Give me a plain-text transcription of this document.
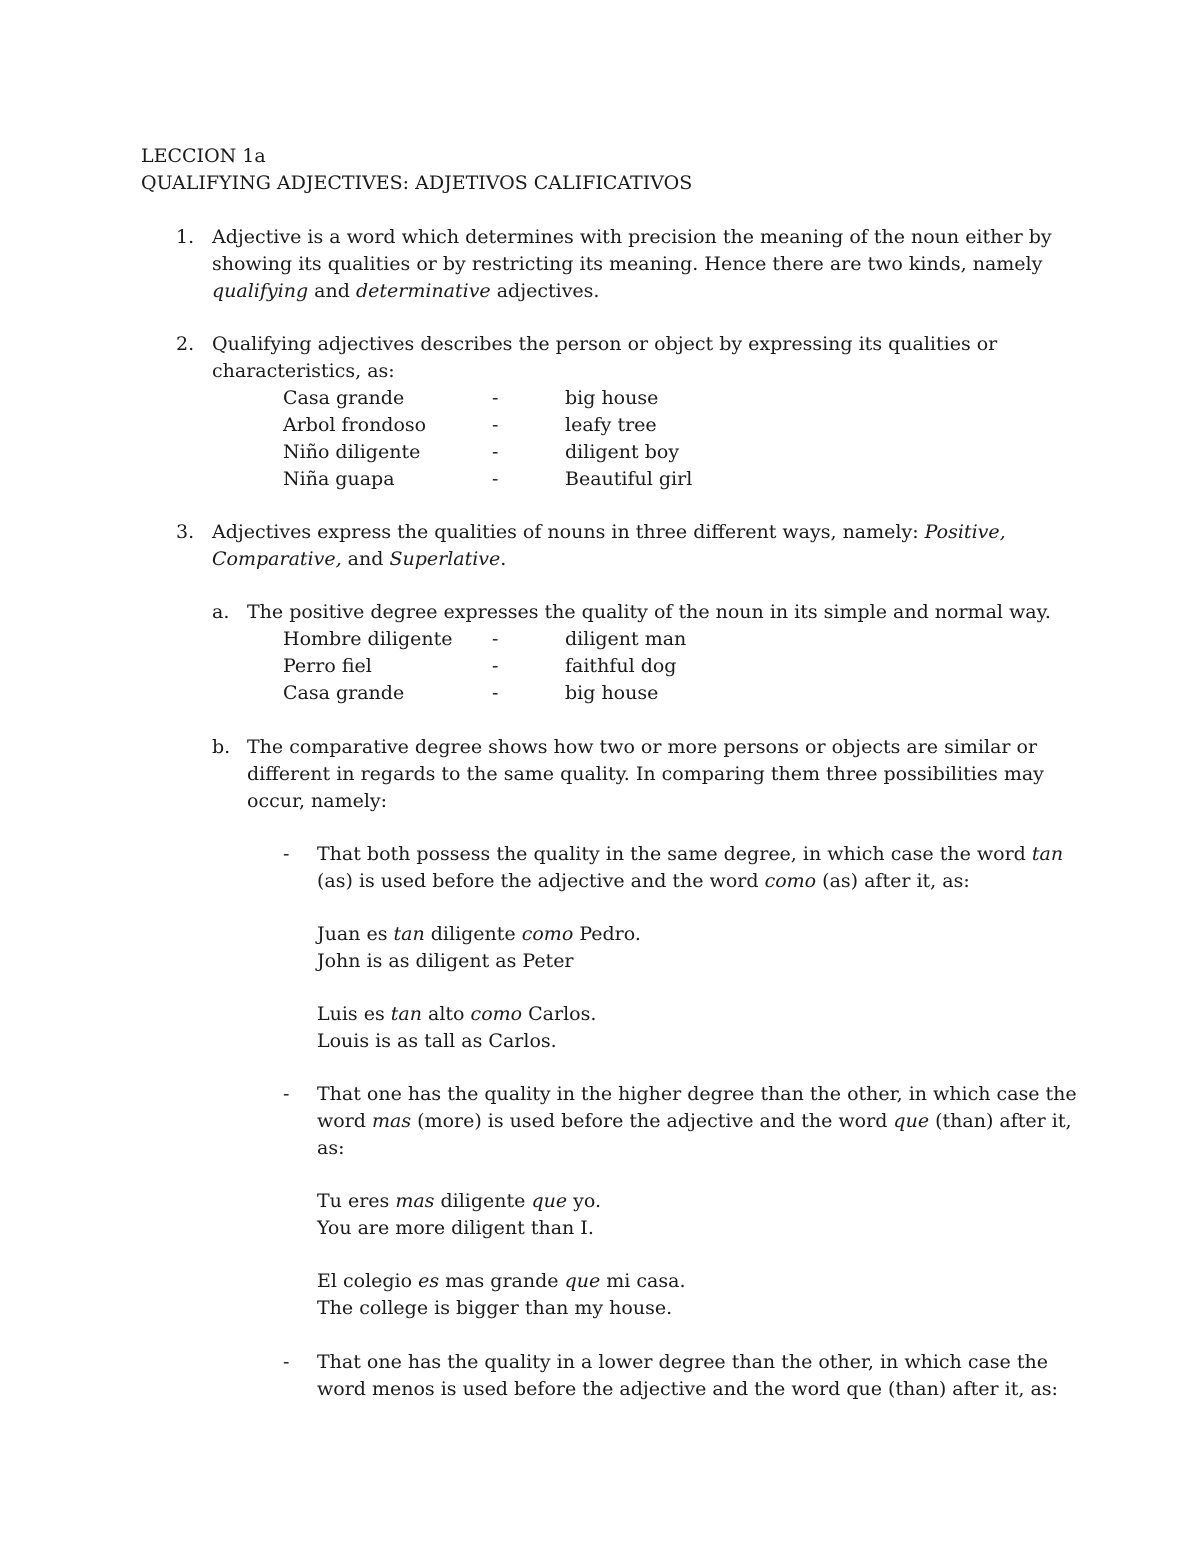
LECCION 1a
QUALIFYING ADJECTIVES: ADJETIVOS CALIFICATIVOS
1. Adjective is a word which determines with precision the meaning of the noun either by
showing its qualities or by restricting its meaning. Hence there are two kinds, namely
qualifying and determinative adjectives.
2. Qualifying adjectives describes the person or object by expressing its qualities or
characteristics, as:
Casa grande	-	big house
Arbol frondoso	-	leafy tree
Niño diligente	-	diligent boy
Niña guapa	-	Beautiful girl
3. Adjectives express the qualities of nouns in three different ways, namely: Positive,
Comparative, and Superlative.
a. The positive degree expresses the quality of the noun in its simple and normal way.
Hombre diligente -	diligent man
Perro fiel	-	faithful dog
Casa grande	-	big house
b. The comparative degree shows how two or more persons or objects are similar or
different in regards to the same quality. In comparing them three possibilities may
occur, namely:
- That both possess the quality in the same degree, in which case the word tan
(as) is used before the adjective and the word como (as) after it, as:
Juan es tan diligente como Pedro.
John is as diligent as Peter
Luis es tan alto como Carlos.
Louis is as tall as Carlos.
- That one has the quality in the higher degree than the other, in which case the
word mas (more) is used before the adjective and the word que (than) after it,
as:
Tu eres mas diligente que yo.
You are more diligent than I.
El colegio es mas grande que mi casa.
The college is bigger than my house.
- That one has the quality in a lower degree than the other, in which case the
word menos is used before the adjective and the word que (than) after it, as:
